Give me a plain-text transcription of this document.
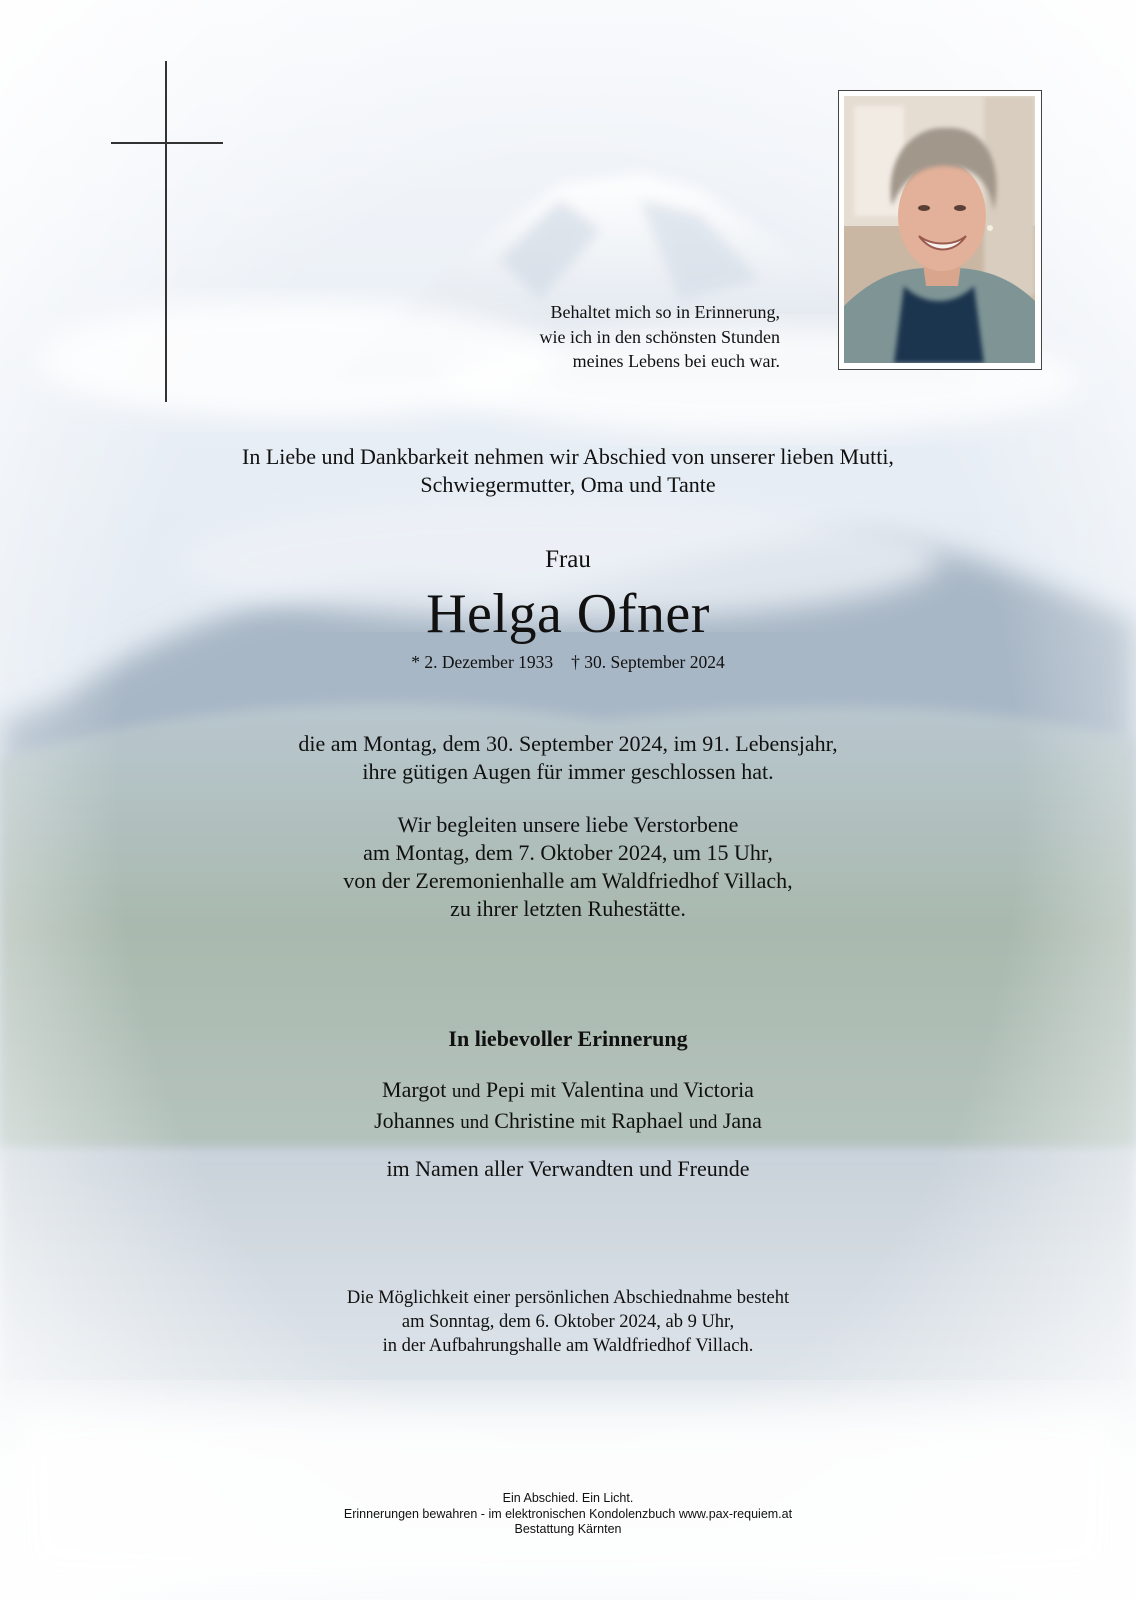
Behaltet mich so in Erinnerung,
wie ich in den schönsten Stunden
meines Lebens bei euch war.
In Liebe und Dankbarkeit nehmen wir Abschied von unserer lieben Mutti,
Schwiegermutter, Oma und Tante
Frau
Helga Ofner
* 2. Dezember 1933 † 30. September 2024
die am Montag, dem 30. September 2024, im 91. Lebensjahr,
ihre gütigen Augen für immer geschlossen hat.
Wir begleiten unsere liebe Verstorbene
am Montag, dem 7. Oktober 2024, um 15 Uhr,
von der Zeremonienhalle am Waldfriedhof Villach,
zu ihrer letzten Ruhestätte.
In liebevoller Erinnerung
Margot und Pepi mit Valentina und Victoria
Johannes und Christine mit Raphael und Jana
im Namen aller Verwandten und Freunde
Die Möglichkeit einer persönlichen Abschiednahme besteht
am Sonntag, dem 6. Oktober 2024, ab 9 Uhr,
in der Aufbahrungshalle am Waldfriedhof Villach.
Ein Abschied. Ein Licht.
Erinnerungen bewahren - im elektronischen Kondolenzbuch www.pax-requiem.at
Bestattung Kärnten
